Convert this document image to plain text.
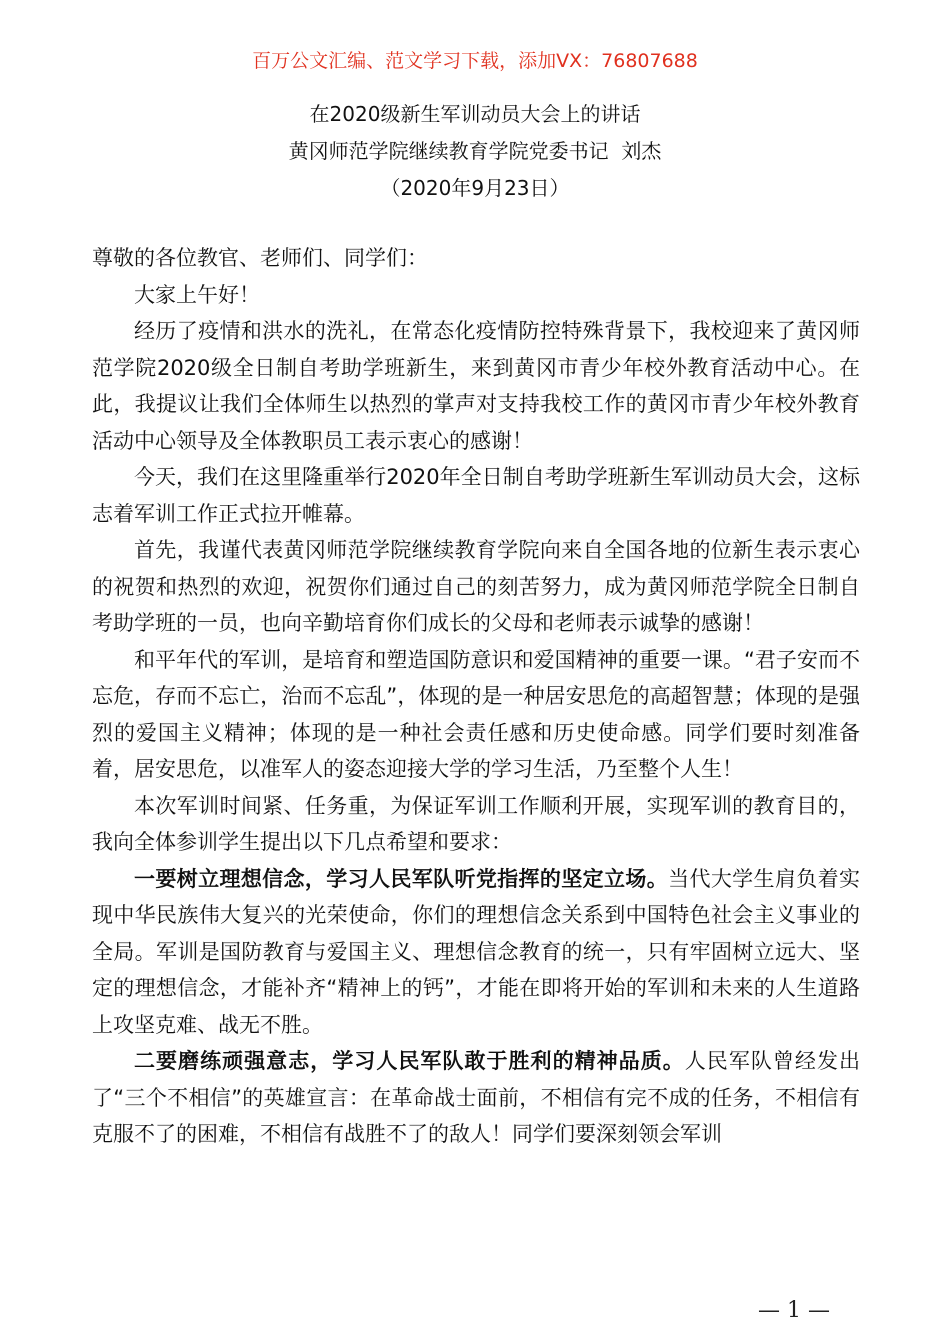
百万公文汇编、范文学习下载，添加VX：76807688
在2020级新生军训动员大会上的讲话
黄冈师范学院继续教育学院党委书记  刘杰
（2020年9月23日）

尊敬的各位教官、老师们、同学们：

大家上午好！

经历了疫情和洪水的洗礼，在常态化疫情防控特殊背景下，我校迎来了黄冈师范学院2020级全日制自考助学班新生，来到黄冈市青少年校外教育活动中心。在此，我提议让我们全体师生以热烈的掌声对支持我校工作的黄冈市青少年校外教育活动中心领导及全体教职员工表示衷心的感谢！

今天，我们在这里隆重举行2020年全日制自考助学班新生军训动员大会，这标志着军训工作正式拉开帷幕。

首先，我谨代表黄冈师范学院继续教育学院向来自全国各地的位新生表示衷心的祝贺和热烈的欢迎，祝贺你们通过自己的刻苦努力，成为黄冈师范学院全日制自考助学班的一员，也向辛勤培育你们成长的父母和老师表示诚挚的感谢！

和平年代的军训，是培育和塑造国防意识和爱国精神的重要一课。“君子安而不忘危，存而不忘亡，治而不忘乱”，体现的是一种居安思危的高超智慧；体现的是强烈的爱国主义精神；体现的是一种社会责任感和历史使命感。同学们要时刻准备着，居安思危，以准军人的姿态迎接大学的学习生活，乃至整个人生！

本次军训时间紧、任务重，为保证军训工作顺利开展，实现军训的教育目的，我向全体参训学生提出以下几点希望和要求：

一要树立理想信念，学习人民军队听党指挥的坚定立场。当代大学生肩负着实现中华民族伟大复兴的光荣使命，你们的理想信念关系到中国特色社会主义事业的全局。军训是国防教育与爱国主义、理想信念教育的统一，只有牢固树立远大、坚定的理想信念，才能补齐“精神上的钙”，才能在即将开始的军训和未来的人生道路上攻坚克难、战无不胜。

二要磨练顽强意志，学习人民军队敢于胜利的精神品质。人民军队曾经发出了“三个不相信”的英雄宣言：在革命战士面前，不相信有完不成的任务，不相信有克服不了的困难，不相信有战胜不了的敌人！同学们要深刻领会军训

— 1 —
